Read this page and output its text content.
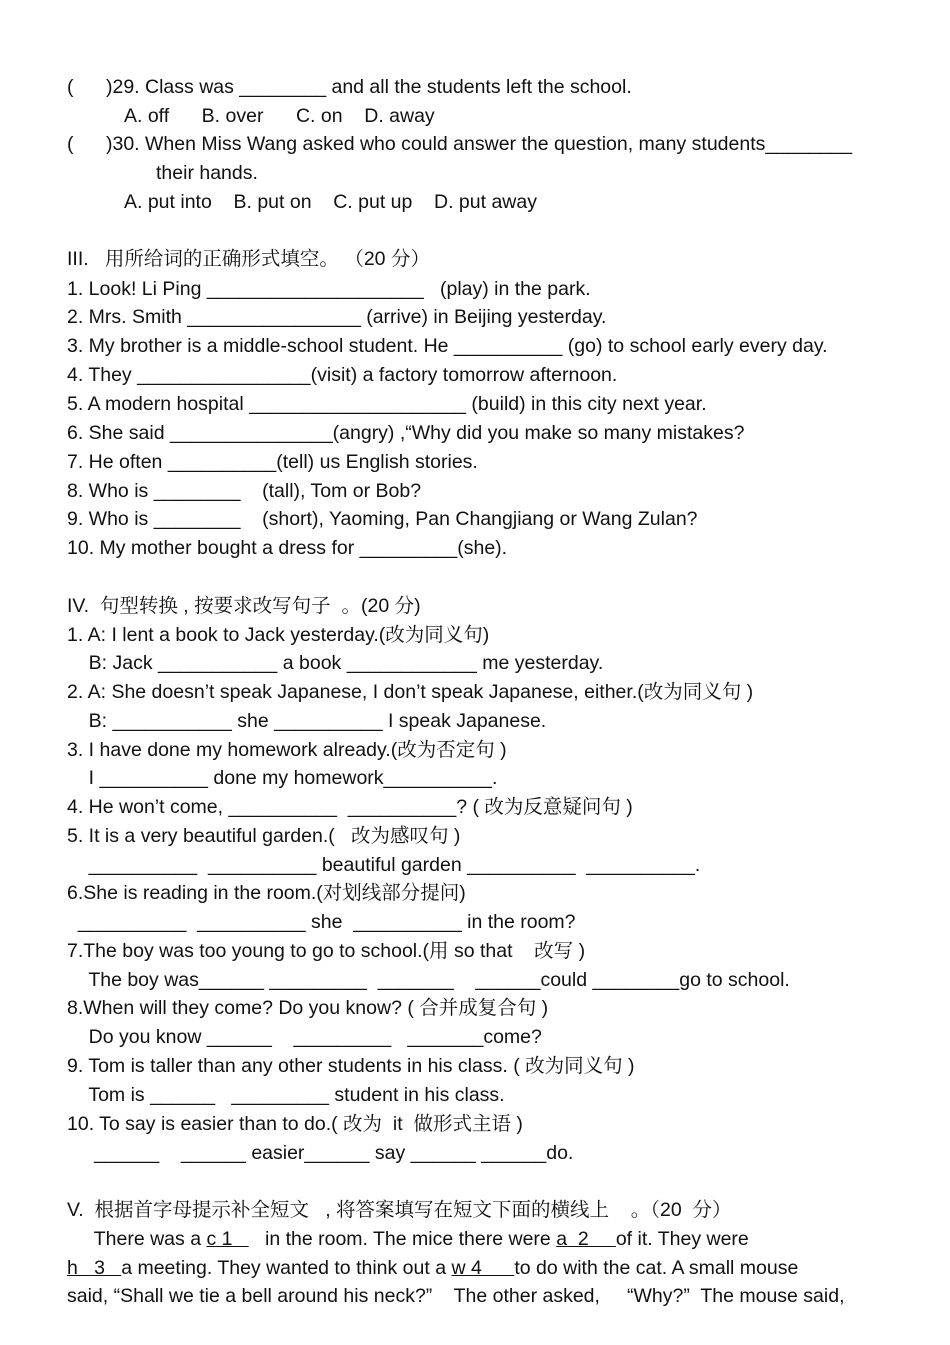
(      )29. Class was ________ and all the students left the school.
A. off      B. over      C. on    D. away
(      )30. When Miss Wang asked who could answer the question, many students________
their hands.
A. put into    B. put on    C. put up    D. put away
III.   用所给词的正确形式填空。 （20 分）
1. Look! Li Ping ____________________   (play) in the park.
2. Mrs. Smith ________________ (arrive) in Beijing yesterday.
3. My brother is a middle-school student. He __________ (go) to school early every day.
4. They ________________(visit) a factory tomorrow afternoon.
5. A modern hospital ____________________ (build) in this city next year.
6. She said _______________(angry) ,“Why did you make so many mistakes?
7. He often __________(tell) us English stories.
8. Who is ________    (tall), Tom or Bob?
9. Who is ________    (short), Yaoming, Pan Changjiang or Wang Zulan?
10. My mother bought a dress for _________(she).
IV.  句型转换 , 按要求改写句子  。(20 分)
1. A: I lent a book to Jack yesterday.(改为同义句)
B: Jack ___________ a book ____________ me yesterday.
2. A: She doesn’t speak Japanese, I don’t speak Japanese, either.(改为同义句 )
B: ___________ she __________ I speak Japanese.
3. I have done my homework already.(改为否定句 )
I __________ done my homework__________.
4. He won’t come, __________  __________? ( 改为反意疑问句 )
5. It is a very beautiful garden.(   改为感叹句 )
__________  __________ beautiful garden __________  __________.
6.She is reading in the room.(对划线部分提问)
__________  __________ she  __________ in the room?
7.The boy was too young to go to school.(用 so that    改写 )
The boy was______ _________  _______    ______could ________go to school.
8.When will they come? Do you know? ( 合并成复合句 )
Do you know ______    _________   _______come?
9. Tom is taller than any other students in his class. ( 改为同义句 )
Tom is ______   _________ student in his class.
10. To say is easier than to do.( 改为  it  做形式主语 )
______    ______ easier______ say ______ ______do.
V.  根据首字母提示补全短文   , 将答案填写在短文下面的横线上    。（20  分）
There was a c 1      in the room. The mice there were a  2     of it. They were
h   3   a meeting. They wanted to think out a w 4      to do with the cat. A small mouse
said, “Shall we tie a bell around his neck?”    The other asked,     “Why?”  The mouse said,
